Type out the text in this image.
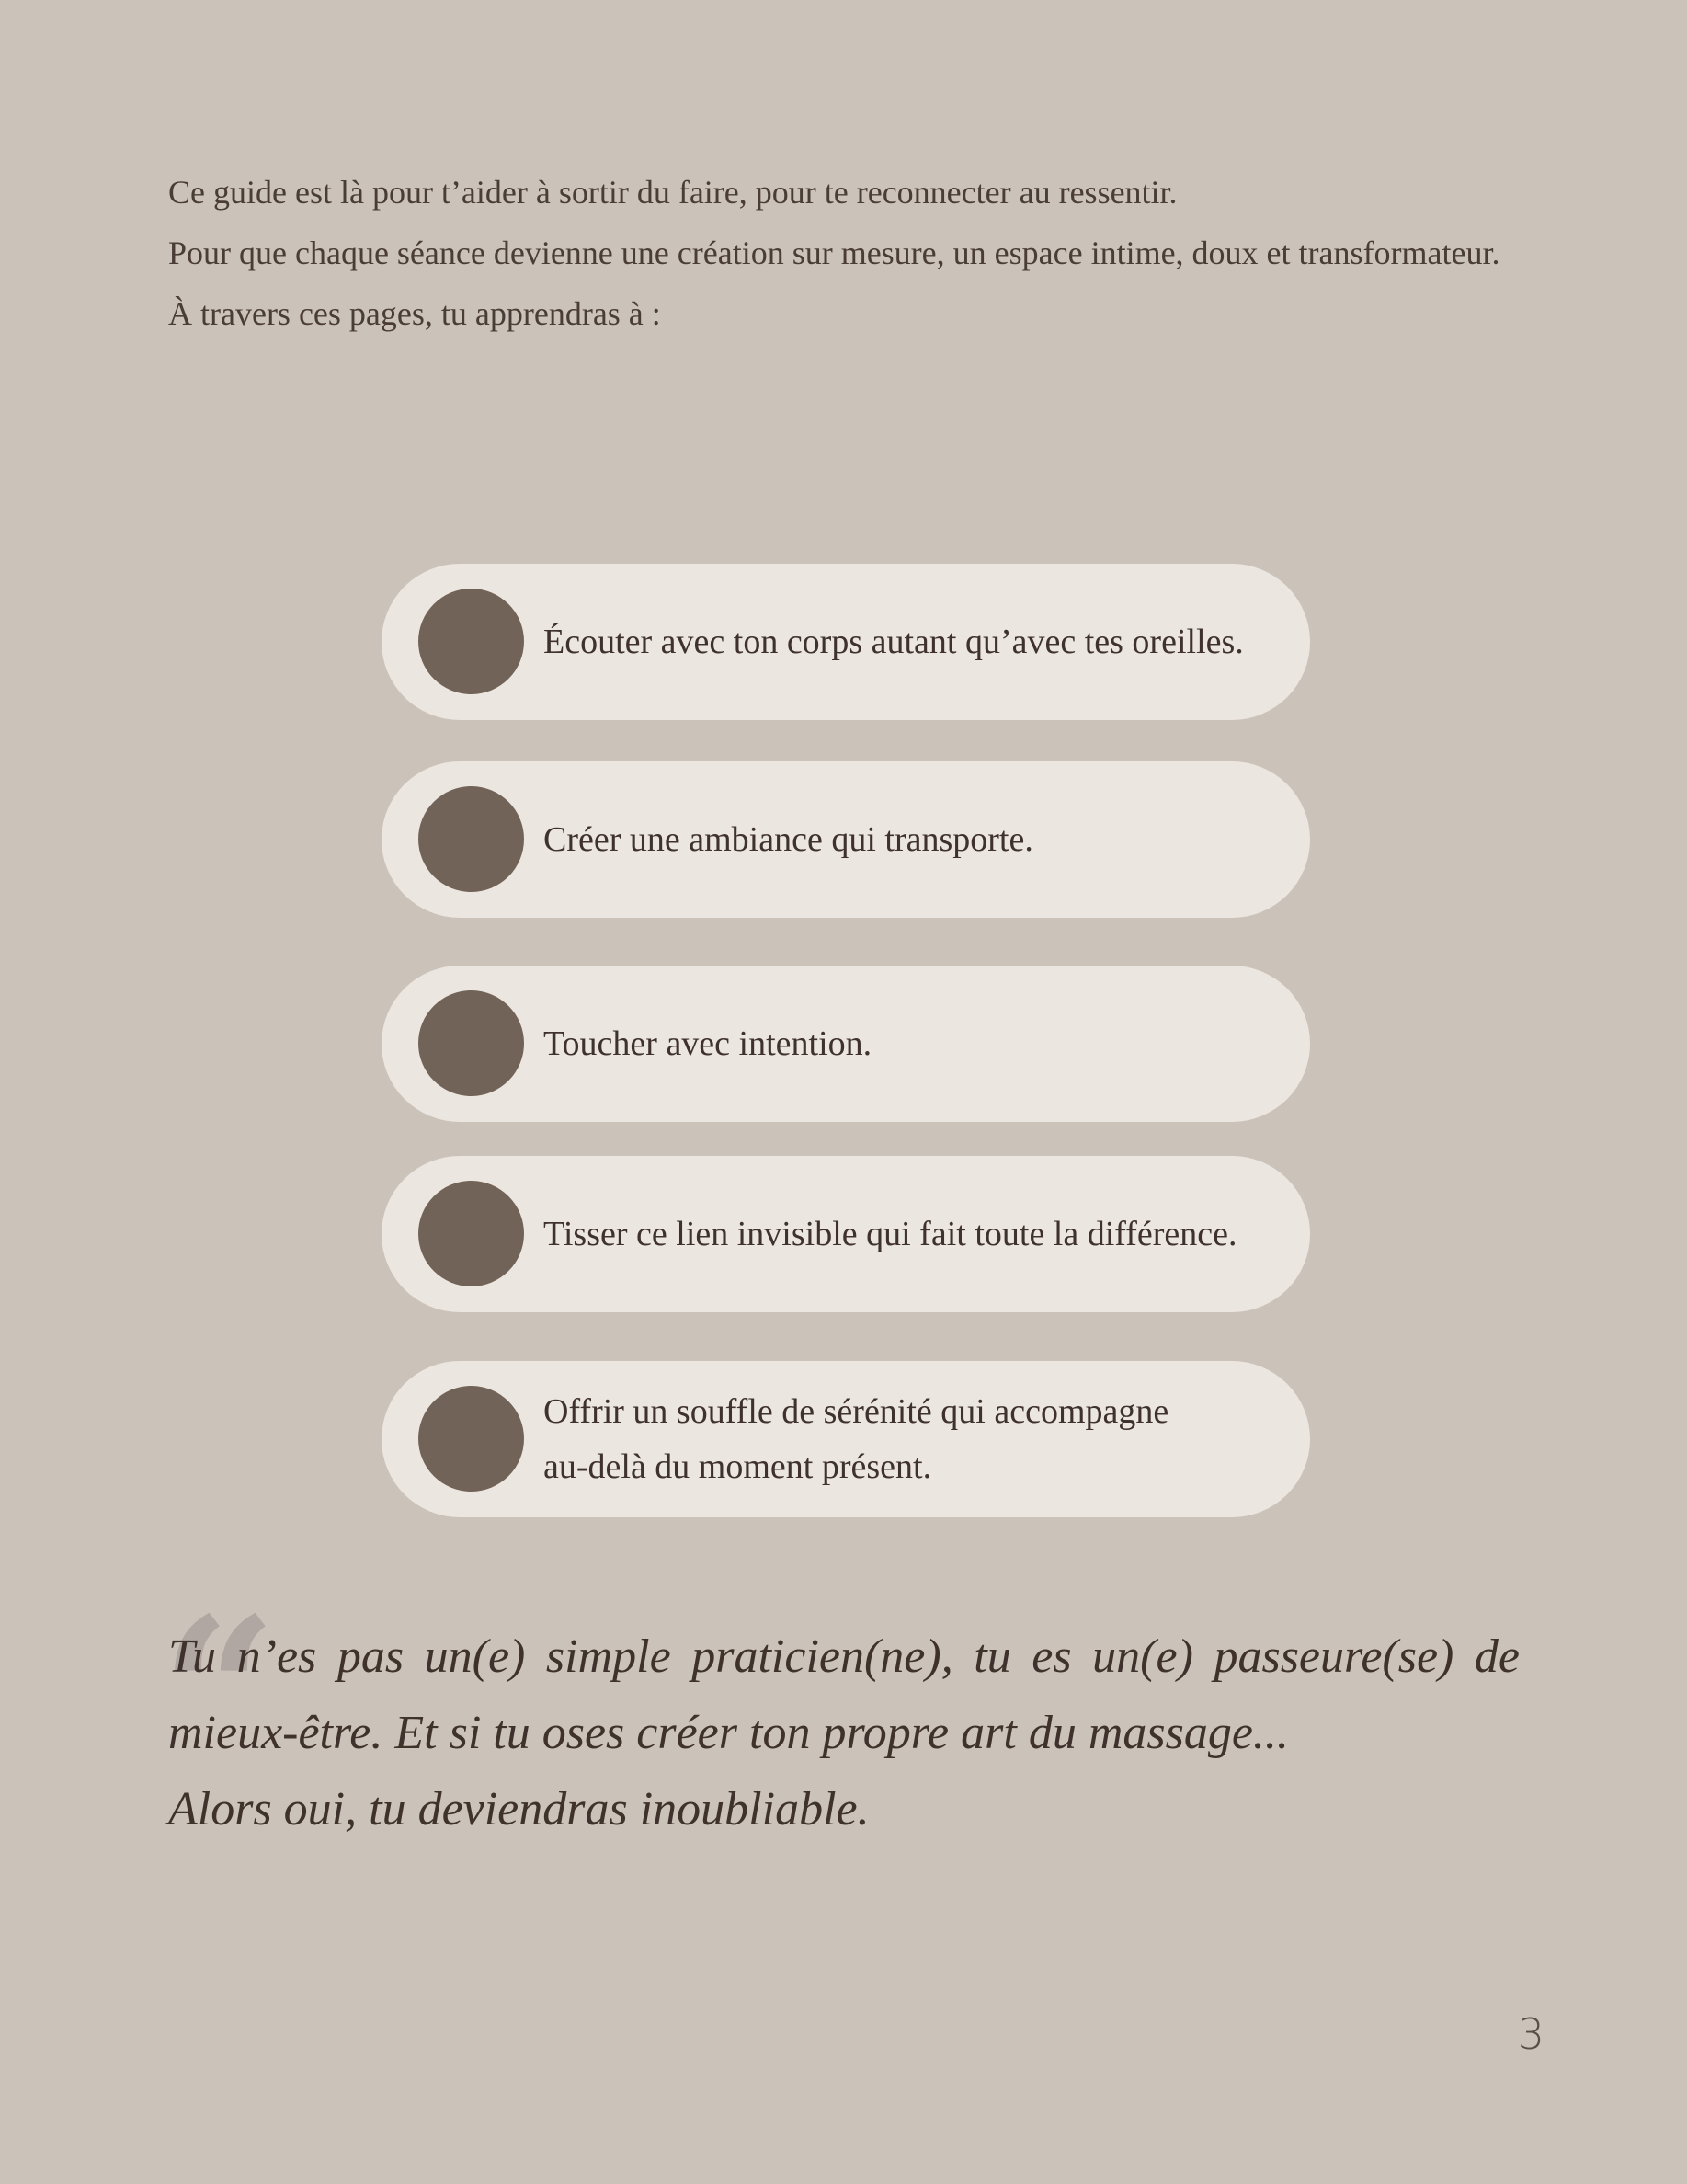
Ce guide est là pour t’aider à sortir du faire, pour te reconnecter au ressentir.

Pour que chaque séance devienne une création sur mesure, un espace intime, doux et transformateur.

À travers ces pages, tu apprendras à :

Écouter avec ton corps autant qu’avec tes oreilles.
Créer une ambiance qui transporte.
Toucher avec intention.
Tisser ce lien invisible qui fait toute la différence.
Offrir un souffle de sérénité qui accompagne au-delà du moment présent.
“
Tu n’es pas un(e) simple praticien(ne), tu es un(e) passeure(se) de mieux-être. Et si tu oses créer ton propre art du massage...
Alors oui, tu deviendras inoubliable.
3
